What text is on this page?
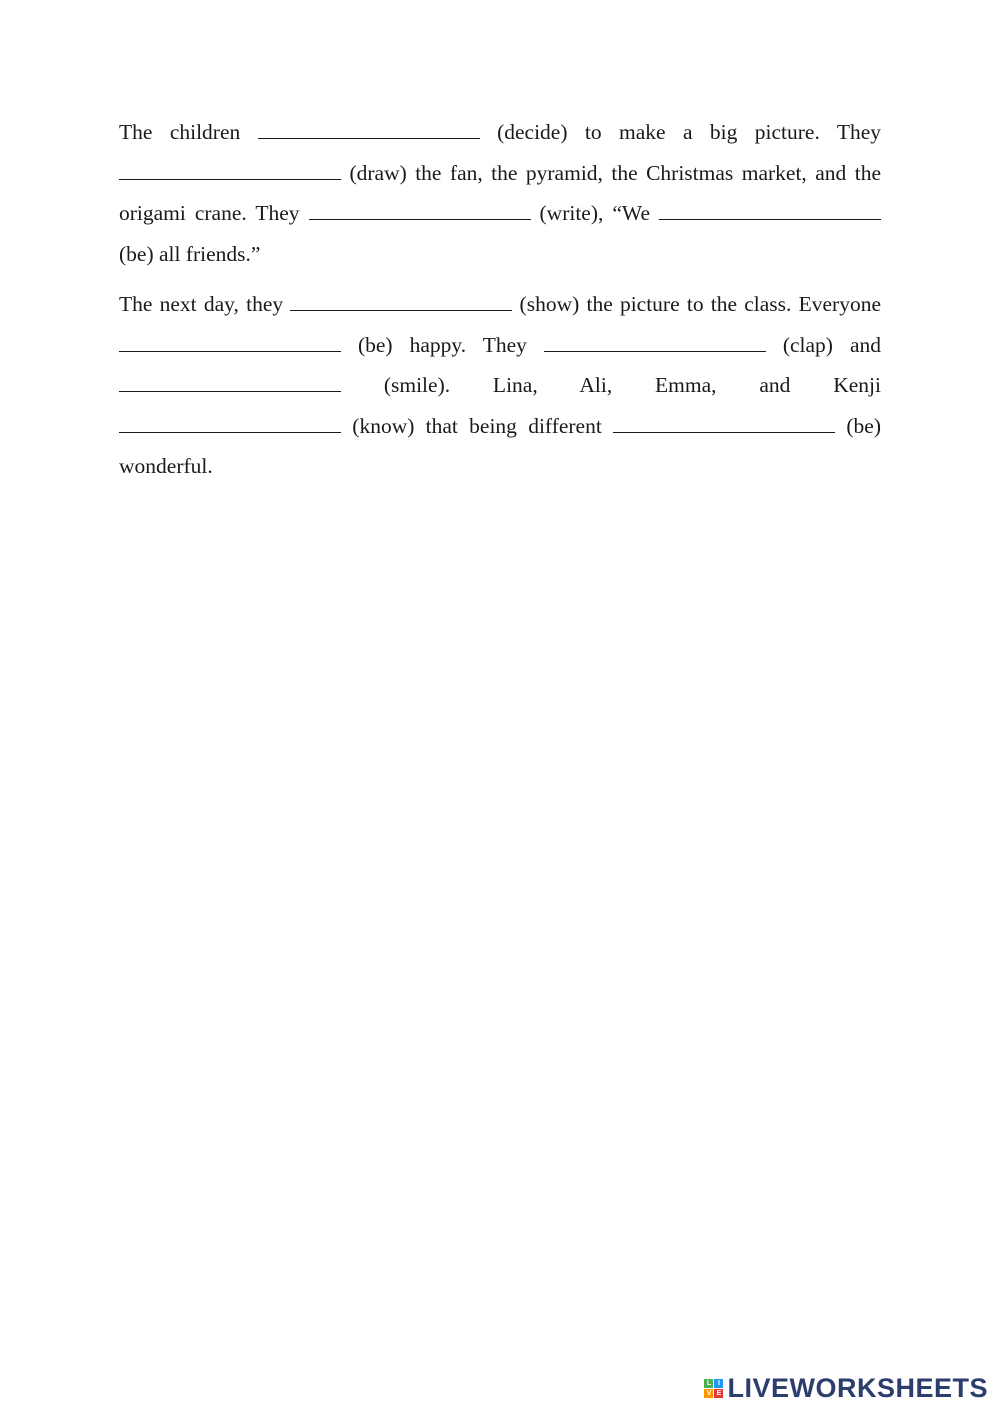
The children	(decide) to make a big picture. They  (draw) the fan, the pyramid, the Christmas market, and the origami crane. They	(write), “We  (be) all friends.”

The next day, they	(show) the picture to the class. Everyone  (be) happy. They	(clap) and  (smile). Lina, Ali, Emma, and Kenji  (know) that being different	(be) wonderful.

L I
V E LIVEWORKSHEETS
